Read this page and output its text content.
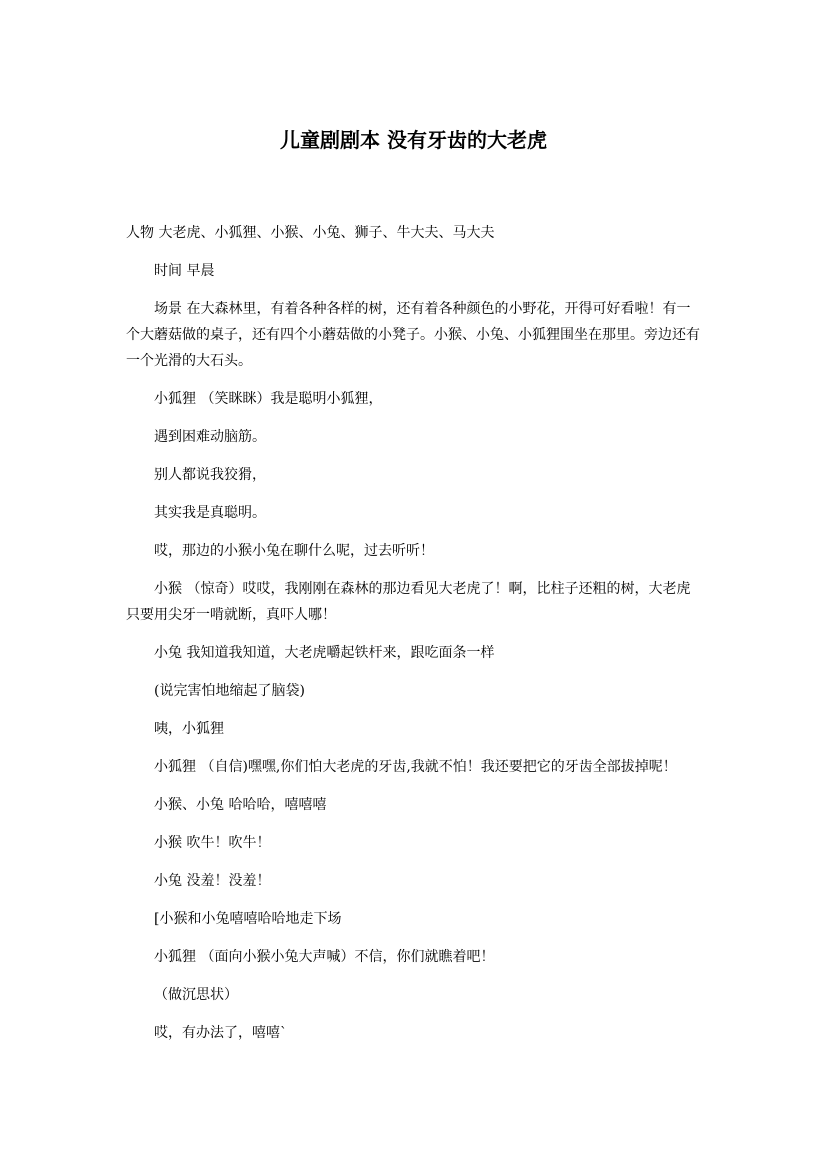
儿童剧剧本 没有牙齿的大老虎

人物 大老虎、小狐狸、小猴、小兔、狮子、牛大夫、马大夫

时间 早晨

场景 在大森林里，有着各种各样的树，还有着各种颜色的小野花，开得可好看啦！有一 个大蘑菇做的桌子，还有四个小蘑菇做的小凳子。小猴、小兔、小狐狸围坐在那里。旁边还有一个光滑的大石头。

小狐狸 （笑眯眯）我是聪明小狐狸，

遇到困难动脑筋。

别人都说我狡猾，

其实我是真聪明。

哎，那边的小猴小兔在聊什么呢，过去听听！

小猴 （惊奇）哎哎，我刚刚在森林的那边看见大老虎了！啊，比柱子还粗的树，大老虎只要用尖牙一啃就断，真吓人哪！

小兔 我知道我知道，大老虎嚼起铁杆来，跟吃面条一样

(说完害怕地缩起了脑袋)

咦，小狐狸

小狐狸 （自信)嘿嘿,你们怕大老虎的牙齿,我就不怕！我还要把它的牙齿全部拔掉呢！

小猴、小兔 哈哈哈，嘻嘻嘻

小猴 吹牛！吹牛！

小兔 没羞！没羞！

[小猴和小兔嘻嘻哈哈地走下场

小狐狸 （面向小猴小兔大声喊）不信，你们就瞧着吧！

（做沉思状）

哎，有办法了，嘻嘻`
